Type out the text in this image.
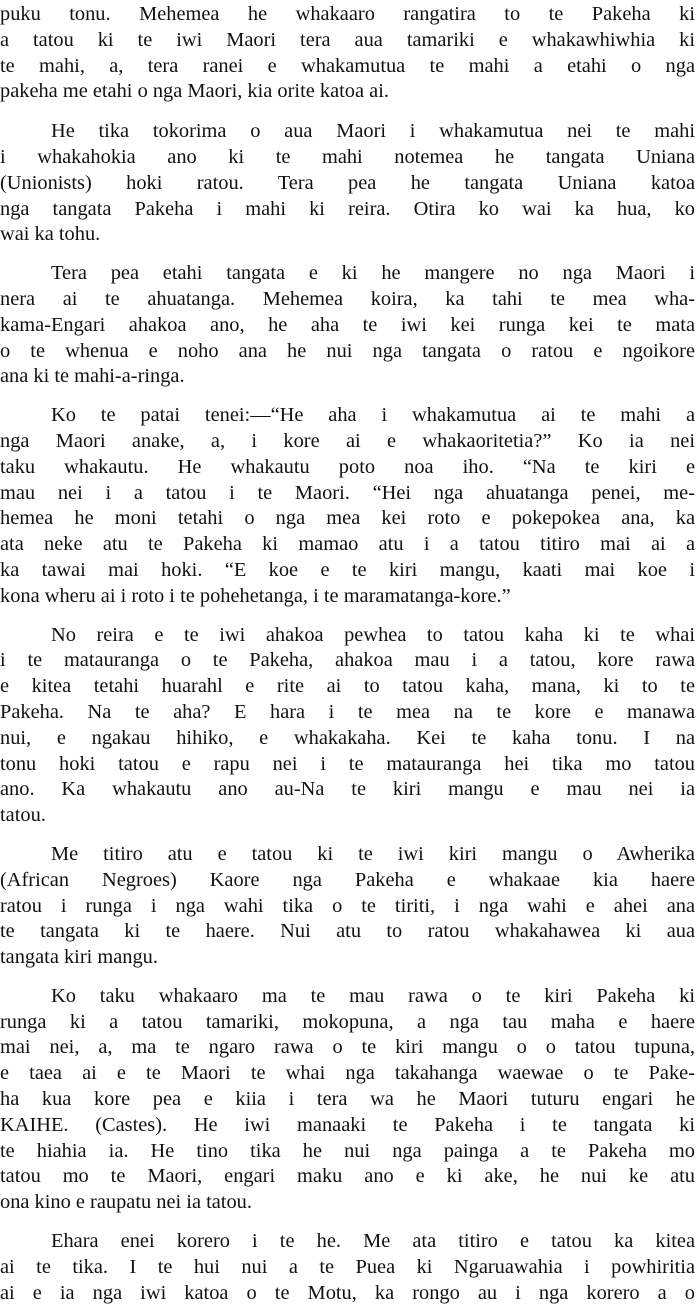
puku tonu. Mehemea he whakaaro rangatira to te Pakeha ki
a tatou ki te iwi Maori tera aua tamariki e whakawhiwhia ki
te mahi, a, tera ranei e whakamutua te mahi a etahi o nga
pakeha me etahi o nga Maori, kia orite katoa ai.

He tika tokorima o aua Maori i whakamutua nei te mahi
i whakahokia ano ki te mahi notemea he tangata Uniana
(Unionists) hoki ratou. Tera pea he tangata Uniana katoa
nga tangata Pakeha i mahi ki reira. Otira ko wai ka hua, ko
wai ka tohu.

Tera pea etahi tangata e ki he mangere no nga Maori i
nera ai te ahuatanga. Mehemea koira, ka tahi te mea wha-
kama-Engari ahakoa ano, he aha te iwi kei runga kei te mata
o te whenua e noho ana he nui nga tangata o ratou e ngoikore
ana ki te mahi-a-ringa.

Ko te patai tenei:—“He aha i whakamutua ai te mahi a
nga Maori anake, a, i kore ai e whakaoritetia?” Ko ia nei
taku whakautu. He whakautu poto noa iho. “Na te kiri e
mau nei i a tatou i te Maori. “Hei nga ahuatanga penei, me-
hemea he moni tetahi o nga mea kei roto e pokepokea ana, ka
ata neke atu te Pakeha ki mamao atu i a tatou titiro mai ai a
ka tawai mai hoki. “E koe e te kiri mangu, kaati mai koe i
kona wheru ai i roto i te pohehetanga, i te maramatanga-kore.”

No reira e te iwi ahakoa pewhea to tatou kaha ki te whai
i te matauranga o te Pakeha, ahakoa mau i a tatou, kore rawa
e kitea tetahi huarahl e rite ai to tatou kaha, mana, ki to te
Pakeha. Na te aha? E hara i te mea na te kore e manawa
nui, e ngakau hihiko, e whakakaha. Kei te kaha tonu. I na
tonu hoki tatou e rapu nei i te matauranga hei tika mo tatou
ano. Ka whakautu ano au-Na te kiri mangu e mau nei ia
tatou.

Me titiro atu e tatou ki te iwi kiri mangu o Awherika
(African Negroes) Kaore nga Pakeha e whakaae kia haere
ratou i runga i nga wahi tika o te tiriti, i nga wahi e ahei ana
te tangata ki te haere. Nui atu to ratou whakahawea ki aua
tangata kiri mangu.

Ko taku whakaaro ma te mau rawa o te kiri Pakeha ki
runga ki a tatou tamariki, mokopuna, a nga tau maha e haere
mai nei, a, ma te ngaro rawa o te kiri mangu o o tatou tupuna,
e taea ai e te Maori te whai nga takahanga waewae o te Pake-
ha kua kore pea e kiia i tera wa he Maori tuturu engari he
KAIHE. (Castes). He iwi manaaki te Pakeha i te tangata ki
te hiahia ia. He tino tika he nui nga painga a te Pakeha mo
tatou mo te Maori, engari maku ano e ki ake, he nui ke atu
ona kino e raupatu nei ia tatou.

Ehara enei korero i te he. Me ata titiro e tatou ka kitea
ai te tika. I te hui nui a te Puea ki Ngaruawahia i powhiritia
ai e ia nga iwi katoa o te Motu, ka rongo au i nga korero a o
